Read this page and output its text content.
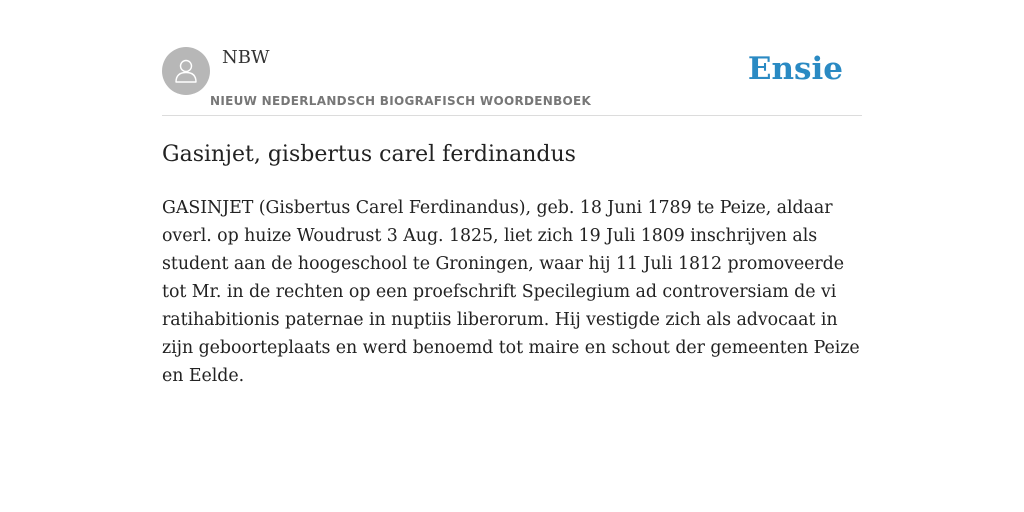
NBW
NIEUW NEDERLANDSCH BIOGRAFISCH WOORDENBOEK
Ensie
Gasinjet, gisbertus carel ferdinandus

GASINJET (Gisbertus Carel Ferdinandus), geb. 18 Juni 1789 te Peize, aldaar overl. op huize Woudrust 3 Aug. 1825, liet zich 19 Juli 1809 inschrijven als student aan de hoogeschool te Groningen, waar hij 11 Juli 1812 promoveerde tot Mr. in de rechten op een proefschrift Specilegium ad controversiam de vi ratihabitionis paternae in nuptiis liberorum. Hij vestigde zich als advocaat in zijn geboorteplaats en werd benoemd tot maire en schout der gemeenten Peize en Eelde.
